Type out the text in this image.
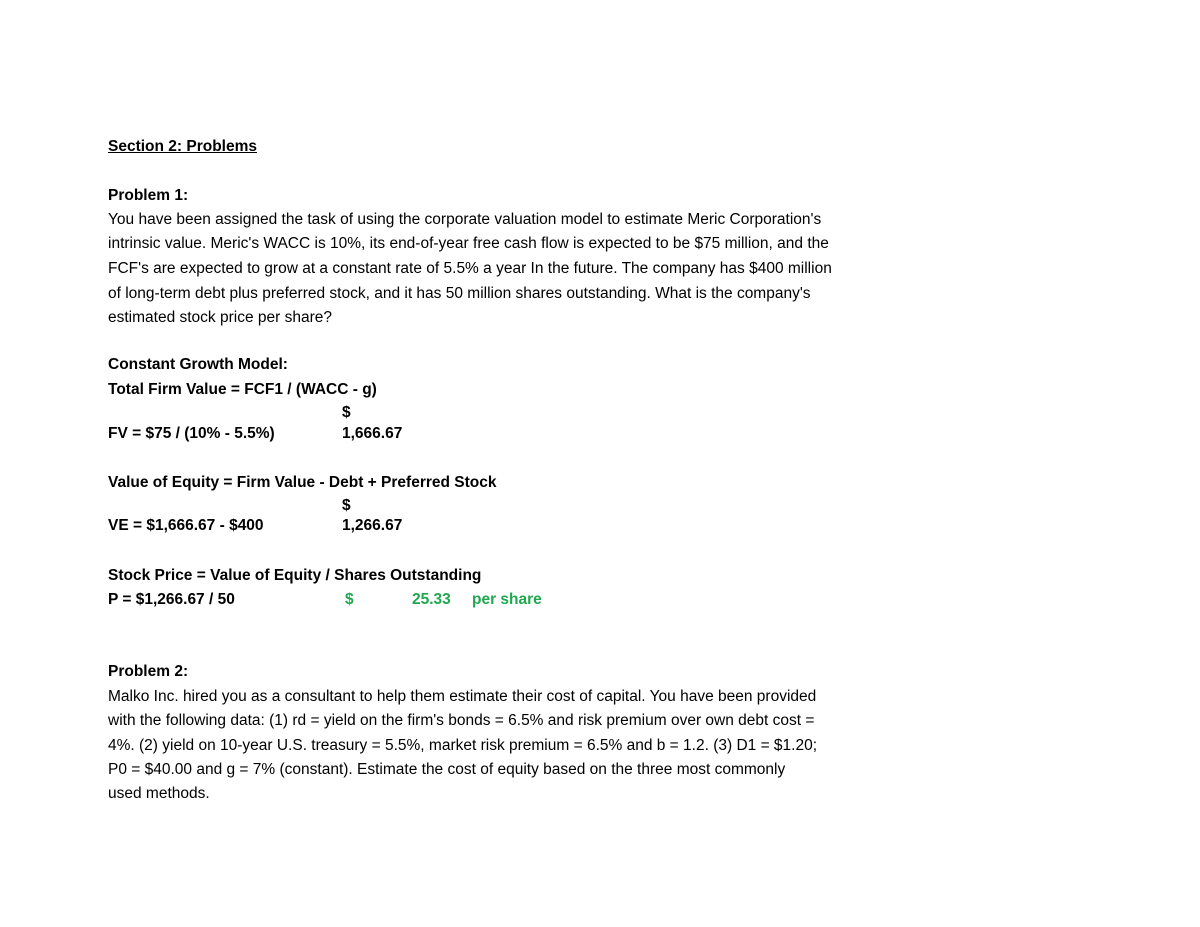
Section 2: Problems
Problem 1:
You have been assigned the task of using the corporate valuation model to estimate Meric Corporation's
intrinsic value. Meric's WACC is 10%, its end-of-year free cash flow is expected to be $75 million, and the
FCF's are expected to grow at a constant rate of 5.5% a year In the future. The company has $400 million
of long-term debt plus preferred stock, and it has 50 million shares outstanding. What is the company's
estimated stock price per share?
Constant Growth Model:
Total Firm Value = FCF1 / (WACC - g)
$
FV = $75 / (10% - 5.5%)	1,666.67
Value of Equity = Firm Value - Debt + Preferred Stock
$
VE = $1,666.67 - $400	1,266.67
Stock Price = Value of Equity / Shares Outstanding
P = $1,266.67 / 50	$	25.33 per share
Problem 2:
Malko Inc. hired you as a consultant to help them estimate their cost of capital. You have been provided
with the following data: (1) rd = yield on the firm's bonds = 6.5% and risk premium over own debt cost =
4%. (2) yield on 10-year U.S. treasury = 5.5%, market risk premium = 6.5% and b = 1.2. (3) D1 = $1.20;
P0 = $40.00 and g = 7% (constant). Estimate the cost of equity based on the three most commonly
used methods.
